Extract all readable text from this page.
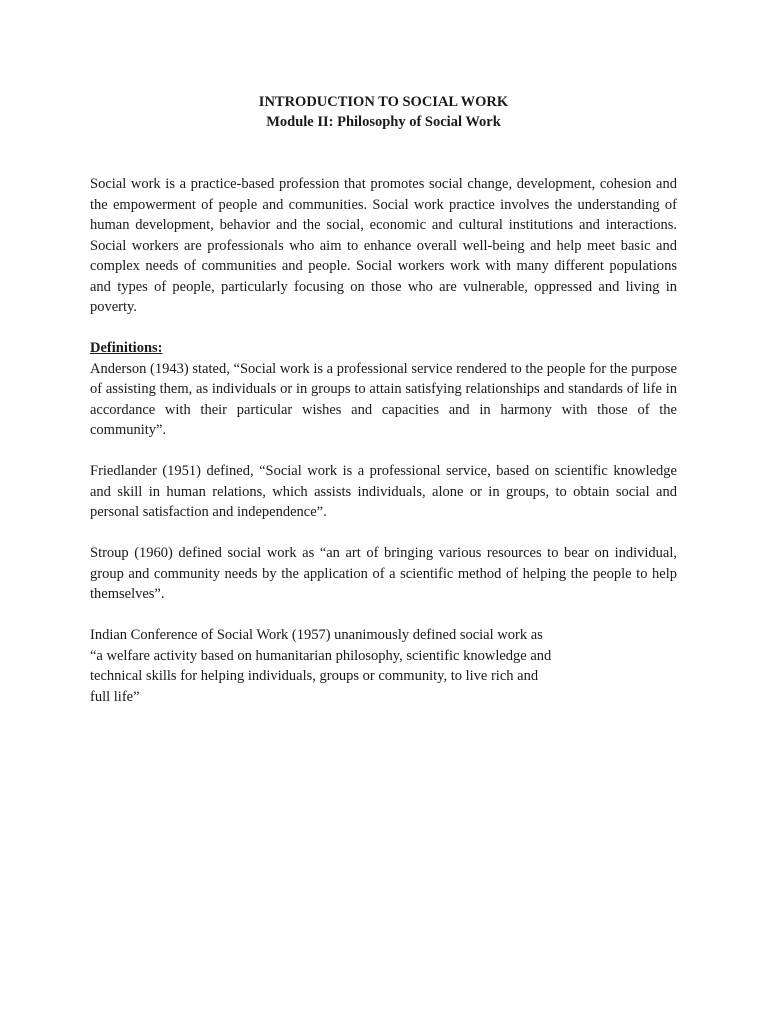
INTRODUCTION TO SOCIAL WORK

Module II: Philosophy of Social Work

Social work is a practice-based profession that promotes social change, development, cohesion and the empowerment of people and communities. Social work practice involves the understanding of human development, behavior and the social, economic and cultural institutions and interactions. Social workers are professionals who aim to enhance overall well-being and help meet basic and complex needs of communities and people. Social workers work with many different populations and types of people, particularly focusing on those who are vulnerable, oppressed and living in poverty.

Definitions:

Anderson (1943) stated, “Social work is a professional service rendered to the people for the purpose of assisting them, as individuals or in groups to attain satisfying relationships and standards of life in accordance with their particular wishes and capacities and in harmony with those of the community”.

Friedlander (1951) defined, “Social work is a professional service, based on scientific knowledge and skill in human relations, which assists individuals, alone or in groups, to obtain social and personal satisfaction and independence”.

Stroup (1960) defined social work as “an art of bringing various resources to bear on individual, group and community needs by the application of a scientific method of helping the people to help themselves”.

Indian Conference of Social Work (1957) unanimously defined social work as
“a welfare activity based on humanitarian philosophy, scientific knowledge and
technical skills for helping individuals, groups or community, to live rich and
full life”
